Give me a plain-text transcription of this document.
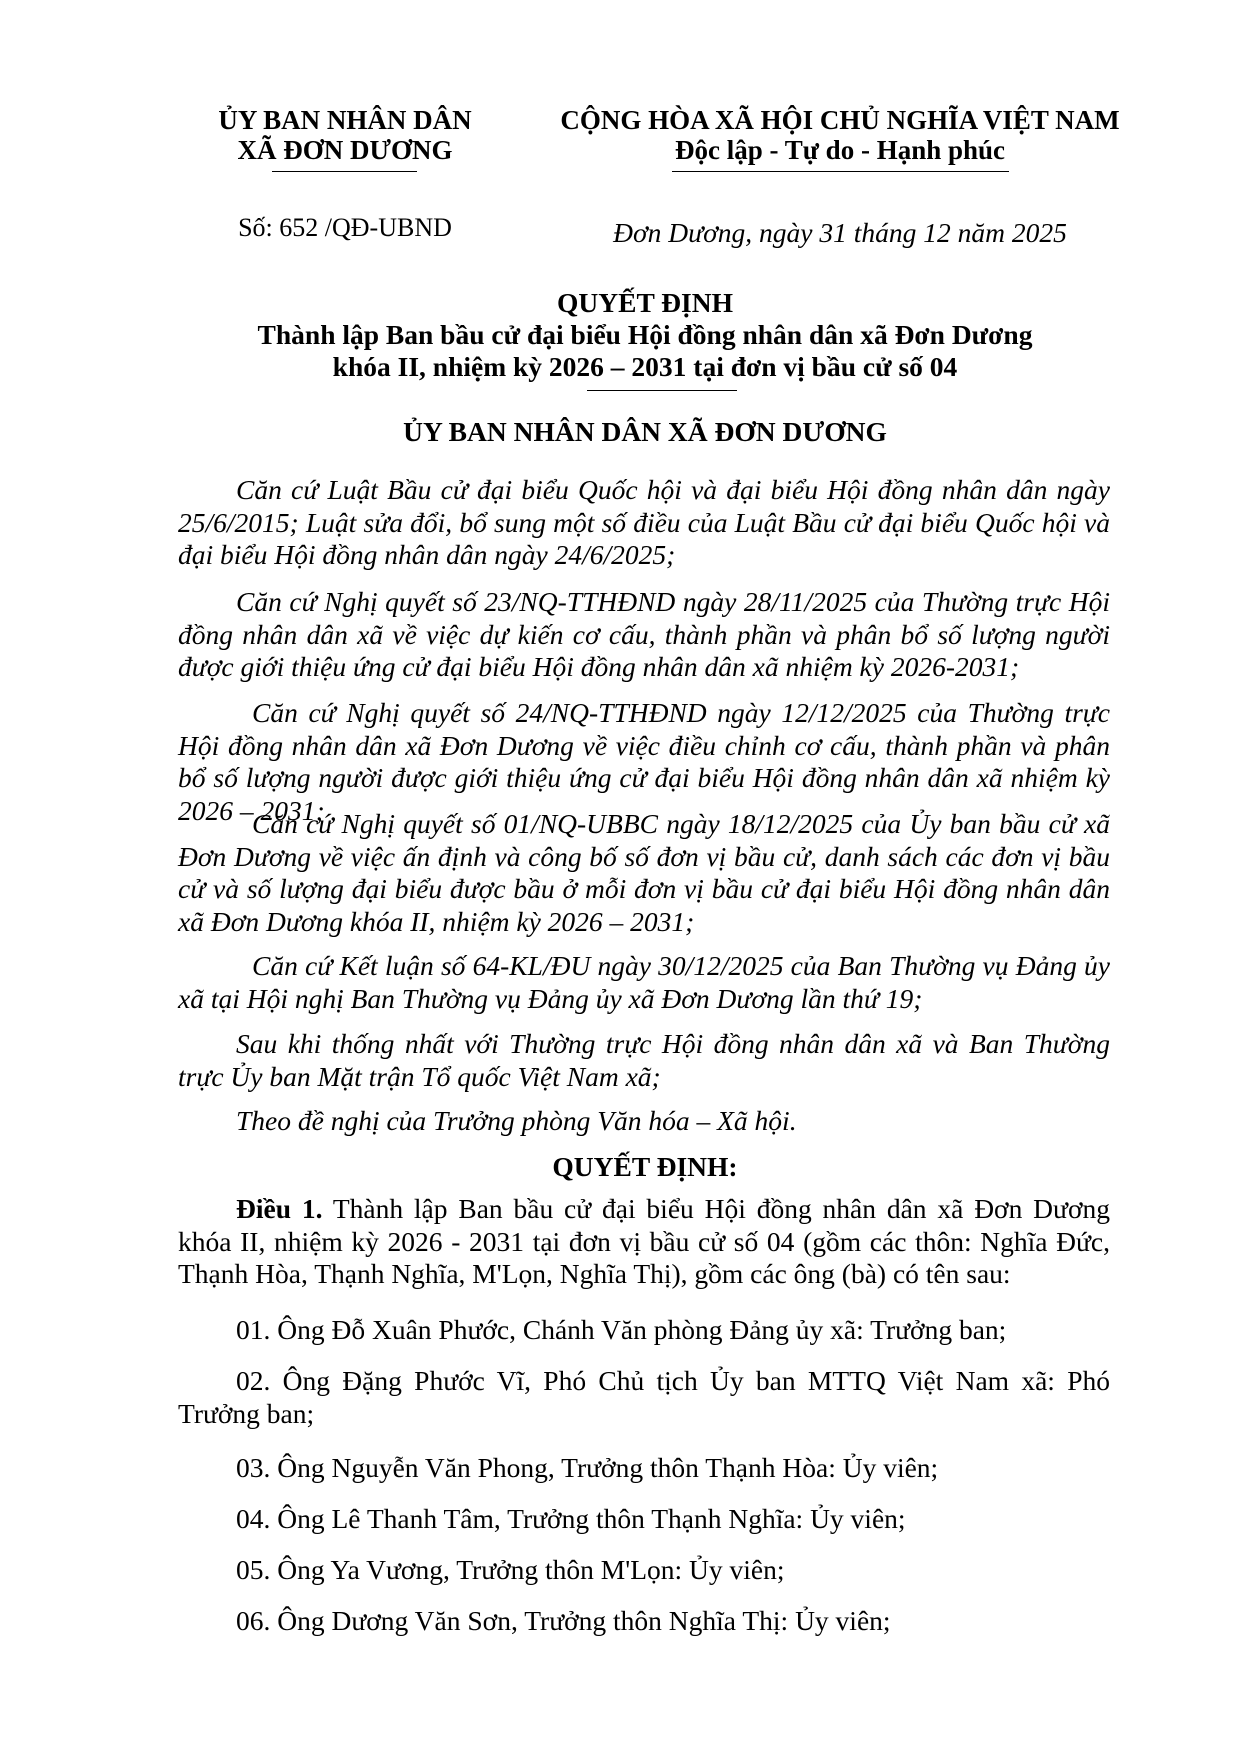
ỦY BAN NHÂN DÂN
XÃ ĐƠN DƯƠNG
CỘNG HÒA XÃ HỘI CHỦ NGHĨA VIỆT NAM
Độc lập - Tự do - Hạnh phúc
Số: 652 /QĐ-UBND	Đơn Dương, ngày 31 tháng 12 năm 2025
QUYẾT ĐỊNH
Thành lập Ban bầu cử đại biểu Hội đồng nhân dân xã Đơn Dương
khóa II, nhiệm kỳ 2026 – 2031 tại đơn vị bầu cử số 04
ỦY BAN NHÂN DÂN XÃ ĐƠN DƯƠNG
Căn cứ Luật Bầu cử đại biểu Quốc hội và đại biểu Hội đồng nhân dân ngày 25/6/2015; Luật sửa đổi, bổ sung một số điều của Luật Bầu cử đại biểu Quốc hội và đại biểu Hội đồng nhân dân ngày 24/6/2025;
Căn cứ Nghị quyết số 23/NQ-TTHĐND ngày 28/11/2025 của Thường trực Hội đồng nhân dân xã về việc dự kiến cơ cấu, thành phần và phân bổ số lượng người được giới thiệu ứng cử đại biểu Hội đồng nhân dân xã nhiệm kỳ 2026-2031;
Căn cứ Nghị quyết số 24/NQ-TTHĐND ngày 12/12/2025 của Thường trực Hội đồng nhân dân xã Đơn Dương về việc điều chỉnh cơ cấu, thành phần và phân bổ số lượng người được giới thiệu ứng cử đại biểu Hội đồng nhân dân xã nhiệm kỳ 2026 – 2031;
Căn cứ Nghị quyết số 01/NQ-UBBC ngày 18/12/2025 của Ủy ban bầu cử xã Đơn Dương về việc ấn định và công bố số đơn vị bầu cử, danh sách các đơn vị bầu cử và số lượng đại biểu được bầu ở mỗi đơn vị bầu cử đại biểu Hội đồng nhân dân xã Đơn Dương khóa II, nhiệm kỳ 2026 – 2031;
Căn cứ Kết luận số 64-KL/ĐU ngày 30/12/2025 của Ban Thường vụ Đảng ủy xã tại Hội nghị Ban Thường vụ Đảng ủy xã Đơn Dương lần thứ 19;
Sau khi thống nhất với Thường trực Hội đồng nhân dân xã và Ban Thường trực Ủy ban Mặt trận Tổ quốc Việt Nam xã;
Theo đề nghị của Trưởng phòng Văn hóa – Xã hội.
QUYẾT ĐỊNH:
Điều 1. Thành lập Ban bầu cử đại biểu Hội đồng nhân dân xã Đơn Dương khóa II, nhiệm kỳ 2026 - 2031 tại đơn vị bầu cử số 04 (gồm các thôn: Nghĩa Đức, Thạnh Hòa, Thạnh Nghĩa, M'Lọn, Nghĩa Thị), gồm các ông (bà) có tên sau:
01. Ông Đỗ Xuân Phước, Chánh Văn phòng Đảng ủy xã: Trưởng ban;
02. Ông Đặng Phước Vĩ, Phó Chủ tịch Ủy ban MTTQ Việt Nam xã: Phó Trưởng ban;
03. Ông Nguyễn Văn Phong, Trưởng thôn Thạnh Hòa: Ủy viên;
04. Ông Lê Thanh Tâm, Trưởng thôn Thạnh Nghĩa: Ủy viên;
05. Ông Ya Vương, Trưởng thôn M'Lọn: Ủy viên;
06. Ông Dương Văn Sơn, Trưởng thôn Nghĩa Thị: Ủy viên;
